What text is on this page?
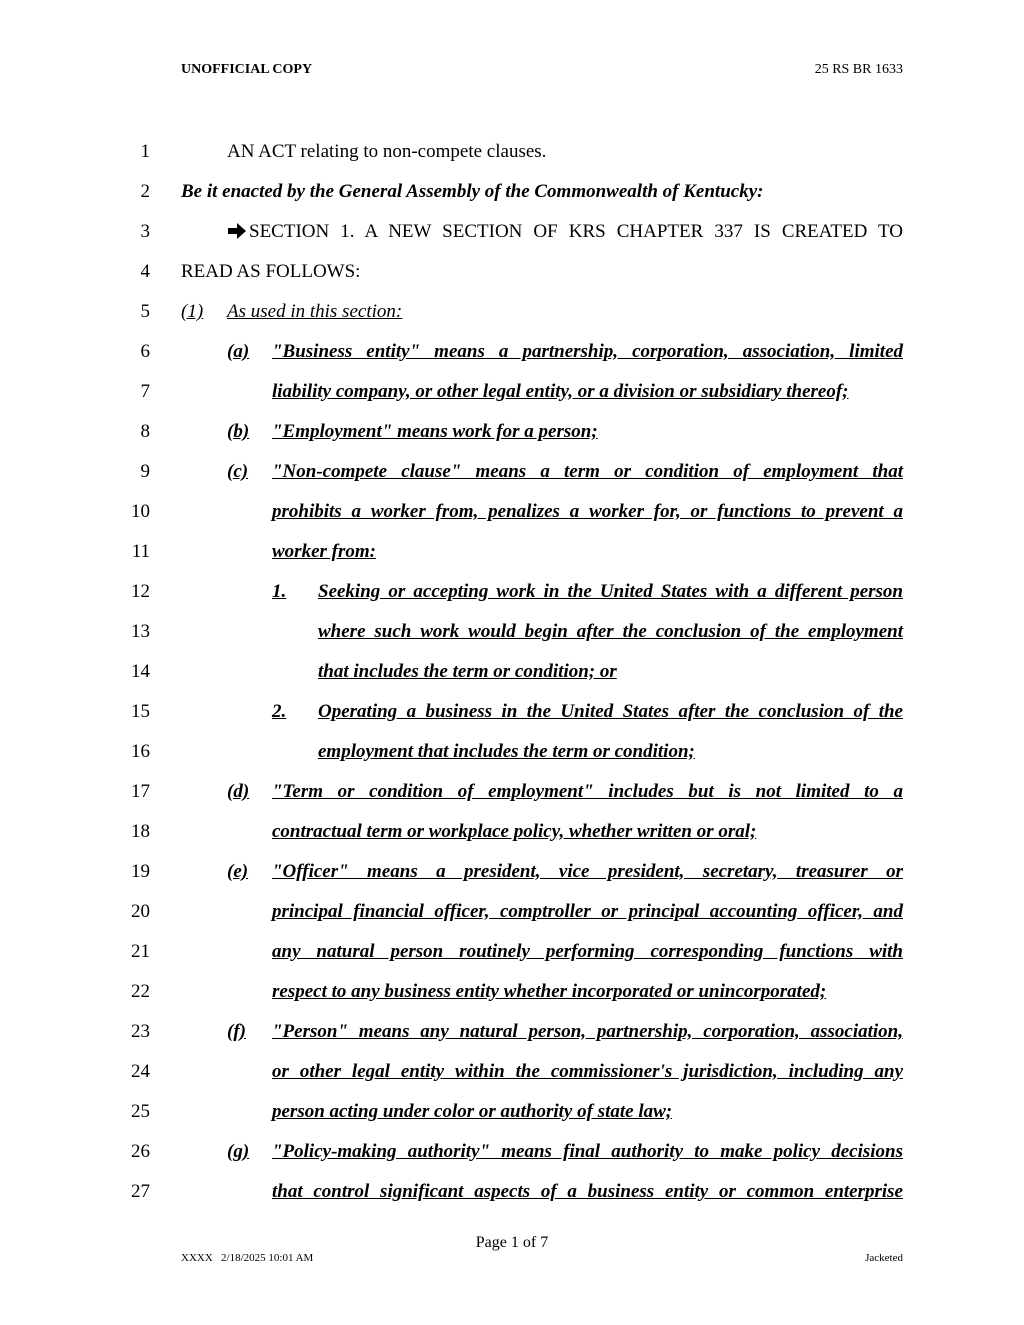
UNOFFICIAL COPY	25 RS BR 1633
1	AN ACT relating to non-compete clauses.
2 Be it enacted by the General Assembly of the Commonwealth of Kentucky:
3	SECTION 1. A NEW SECTION OF KRS CHAPTER 337 IS CREATED TO
4 READ AS FOLLOWS:
5 (1) As used in this section:
6	(a) "Business entity" means a partnership, corporation, association, limited
7	liability company, or other legal entity, or a division or subsidiary thereof;
8	(b) "Employment" means work for a person;
9	(c) "Non-compete clause" means a term or condition of employment that
10	prohibits a worker from, penalizes a worker for, or functions to prevent a
11	worker from:
12	1. Seeking or accepting work in the United States with a different person
13	where such work would begin after the conclusion of the employment
14	that includes the term or condition; or
15	2. Operating a business in the United States after the conclusion of the
16	employment that includes the term or condition;
17	(d) "Term or condition of employment" includes but is not limited to a
18	contractual term or workplace policy, whether written or oral;
19	(e) "Officer" means a president, vice president, secretary, treasurer or
20	principal financial officer, comptroller or principal accounting officer, and
21	any natural person routinely performing corresponding functions with
22	respect to any business entity whether incorporated or unincorporated;
23	(f) "Person" means any natural person, partnership, corporation, association,
24	or other legal entity within the commissioner's jurisdiction, including any
25	person acting under color or authority of state law;
26	(g) "Policy-making authority" means final authority to make policy decisions
27	that control significant aspects of a business entity or common enterprise
Page 1 of 7
XXXX   2/18/2025 10:01 AM	Jacketed
